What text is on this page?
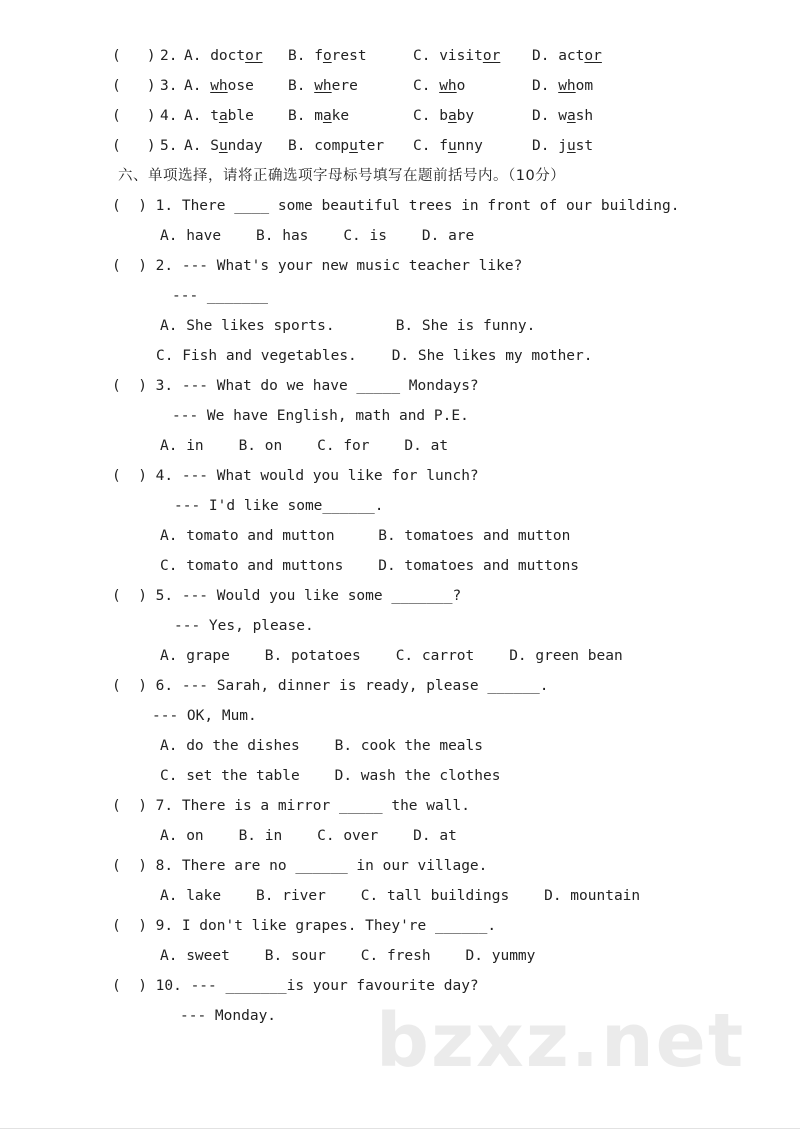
2.
(   ) A. doctor B. forest	C. visitor D. actor
3.
(   ) A. whose B. where	C. who	D. whom
4.
(   ) A. table B. make	C. baby	D. wash
5.
(   ) A. Sunday B. computer C. funny	D. just
六、单项选择，请将正确选项字母标号填写在题前括号内。（10分）
(  ) 1. There ____ some beautiful trees in front of our building.
A. have    B. has    C. is    D. are
(  ) 2. --- What's your new music teacher like?
--- _______
A. She likes sports.       B. She is funny.
C. Fish and vegetables.    D. She likes my mother.
(  ) 3. --- What do we have _____ Mondays?
--- We have English, math and P.E.
A. in    B. on    C. for    D. at
(  ) 4. --- What would you like for lunch?
--- I'd like some______.
A. tomato and mutton     B. tomatoes and mutton
C. tomato and muttons    D. tomatoes and muttons
(  ) 5. --- Would you like some _______?
--- Yes, please.
A. grape    B. potatoes    C. carrot    D. green bean
(  ) 6. --- Sarah, dinner is ready, please ______.
--- OK, Mum.
A. do the dishes    B. cook the meals
C. set the table    D. wash the clothes
(  ) 7. There is a mirror _____ the wall.
A. on    B. in    C. over    D. at
(  ) 8. There are no ______ in our village.
A. lake    B. river    C. tall buildings    D. mountain
(  ) 9. I don't like grapes. They're ______.
A. sweet    B. sour    C. fresh    D. yummy
(  ) 10. --- _______is your favourite day?
--- Monday. bzxz.net
